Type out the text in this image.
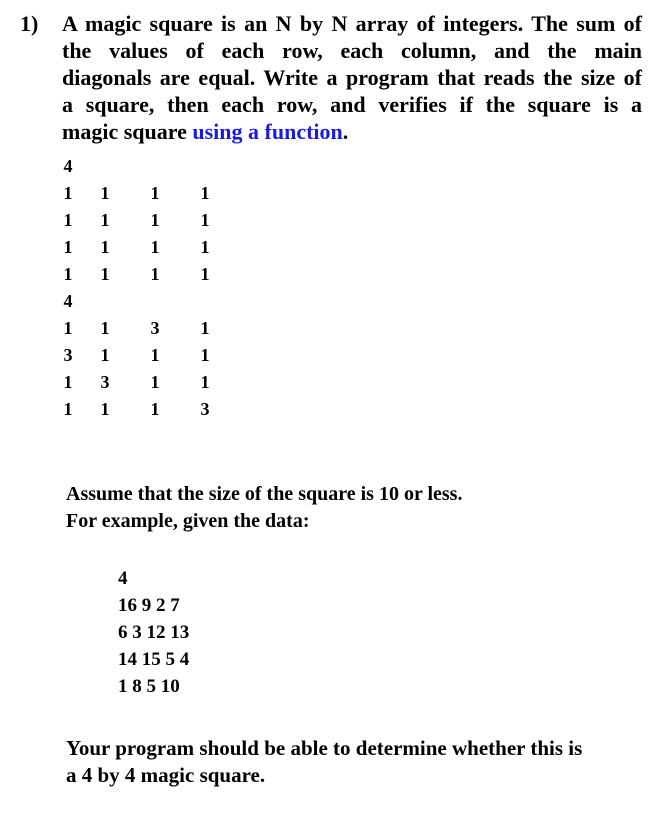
1) A magic square is an N by N array of integers. The sum of
the values of each row, each column, and the main
diagonals are equal. Write a program that reads the size of
a square, then each row, and verifies if the square is a
magic square using a function.
4
1	1	1	1
1	1	1	1
1	1	1	1
1	1	1	1
4
1	1	3	1
3	1	1	1
1	3	1	1
1	1	1	3
Assume that the size of the square is 10 or less.
For example, given the data:
4
16 9 2 7
6 3 12 13
14 15 5 4
1 8 5 10
Your program should be able to determine whether this is
a 4 by 4 magic square.
